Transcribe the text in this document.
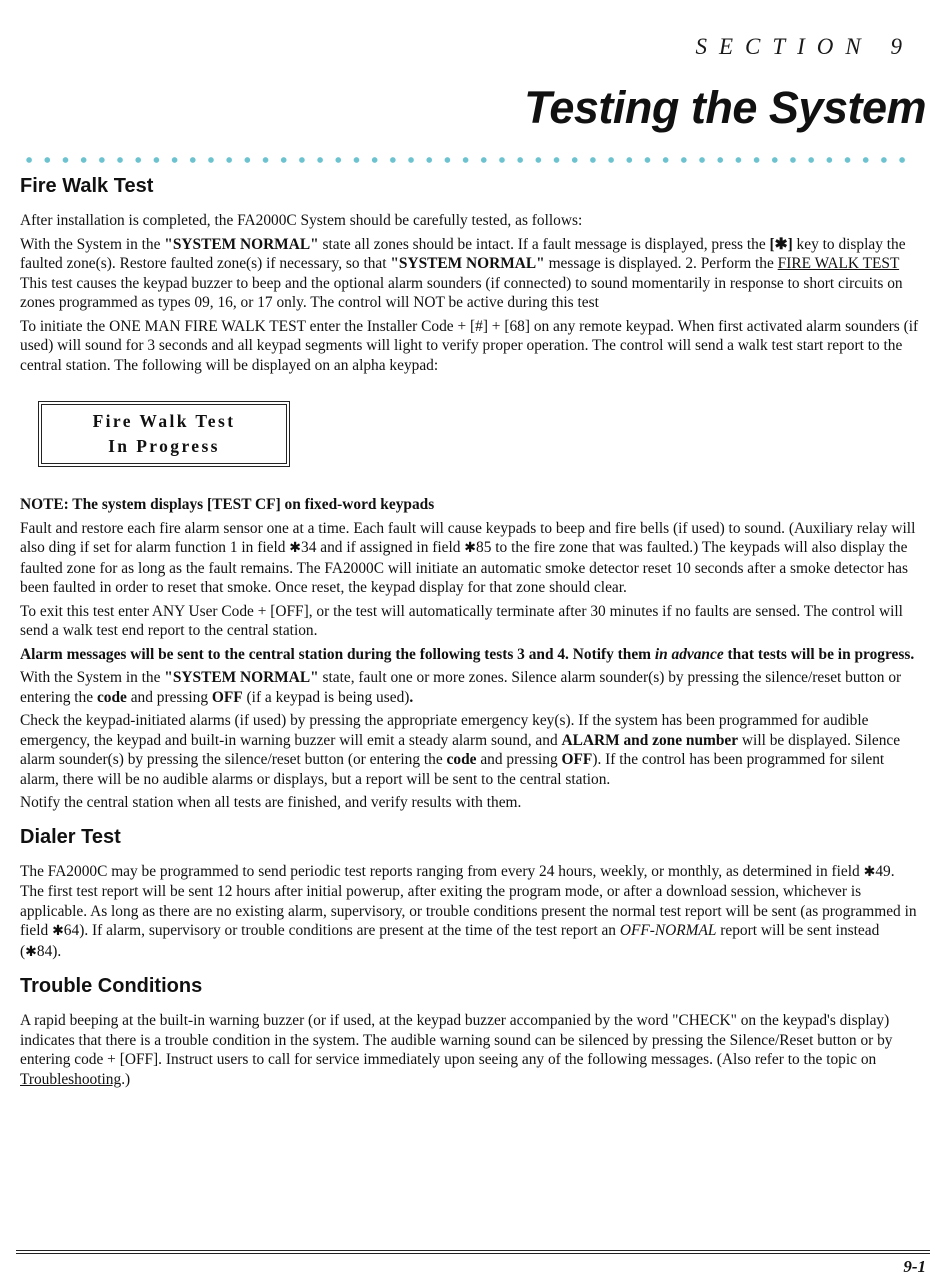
SECTION 9
Testing the System
Fire Walk Test

After installation is completed, the FA2000C System should be carefully tested, as follows:

With the System in the "SYSTEM NORMAL" state all zones should be intact. If a fault message is displayed, press the [✱] key to display the faulted zone(s). Restore faulted zone(s) if necessary, so that "SYSTEM NORMAL" message is displayed. 2. Perform the FIRE WALK TEST This test causes the keypad buzzer to beep and the optional alarm sounders (if connected) to sound momentarily in response to short circuits on zones programmed as types 09, 16, or 17 only. The control will NOT be active during this test

To initiate the ONE MAN FIRE WALK TEST enter the Installer Code + [#] + [68] on any remote keypad. When first activated alarm sounders (if used) will sound for 3 seconds and all keypad segments will light to verify proper operation. The control will send a walk test start report to the central station. The following will be displayed on an alpha keypad:

Fire Walk Test
In Progress

NOTE: The system displays [TEST CF] on fixed-word keypads

Fault and restore each fire alarm sensor one at a time. Each fault will cause keypads to beep and fire bells (if used) to sound. (Auxiliary relay will also ding if set for alarm function 1 in field ✱34 and if assigned in field ✱85 to the fire zone that was faulted.) The keypads will also display the faulted zone for as long as the fault remains. The FA2000C will initiate an automatic smoke detector reset 10 seconds after a smoke detector has been faulted in order to reset that smoke. Once reset, the keypad display for that zone should clear.

To exit this test enter ANY User Code + [OFF], or the test will automatically terminate after 30 minutes if no faults are sensed. The control will send a walk test end report to the central station.

Alarm messages will be sent to the central station during the following tests 3 and 4. Notify them in advance that tests will be in progress.

With the System in the "SYSTEM NORMAL" state, fault one or more zones. Silence alarm sounder(s) by pressing the silence/reset button or entering the code and pressing OFF (if a keypad is being used).

Check the keypad-initiated alarms (if used) by pressing the appropriate emergency key(s). If the system has been programmed for audible emergency, the keypad and built-in warning buzzer will emit a steady alarm sound, and ALARM and zone number will be displayed. Silence alarm sounder(s) by pressing the silence/reset button (or entering the code and pressing OFF). If the control has been programmed for silent alarm, there will be no audible alarms or displays, but a report will be sent to the central station.

Notify the central station when all tests are finished, and verify results with them.

Dialer Test

The FA2000C may be programmed to send periodic test reports ranging from every 24 hours, weekly, or monthly, as determined in field ✱49. The first test report will be sent 12 hours after initial powerup, after exiting the program mode, or after a download session, whichever is applicable. As long as there are no existing alarm, supervisory, or trouble conditions present the normal test report will be sent (as programmed in field ✱64). If alarm, supervisory or trouble conditions are present at the time of the test report an OFF-NORMAL report will be sent instead (✱84).

Trouble Conditions

A rapid beeping at the built-in warning buzzer (or if used, at the keypad buzzer accompanied by the word "CHECK" on the keypad's display) indicates that there is a trouble condition in the system. The audible warning sound can be silenced by pressing the Silence/Reset button or by entering code + [OFF]. Instruct users to call for service immediately upon seeing any of the following messages. (Also refer to the topic on Troubleshooting.)

9-1
